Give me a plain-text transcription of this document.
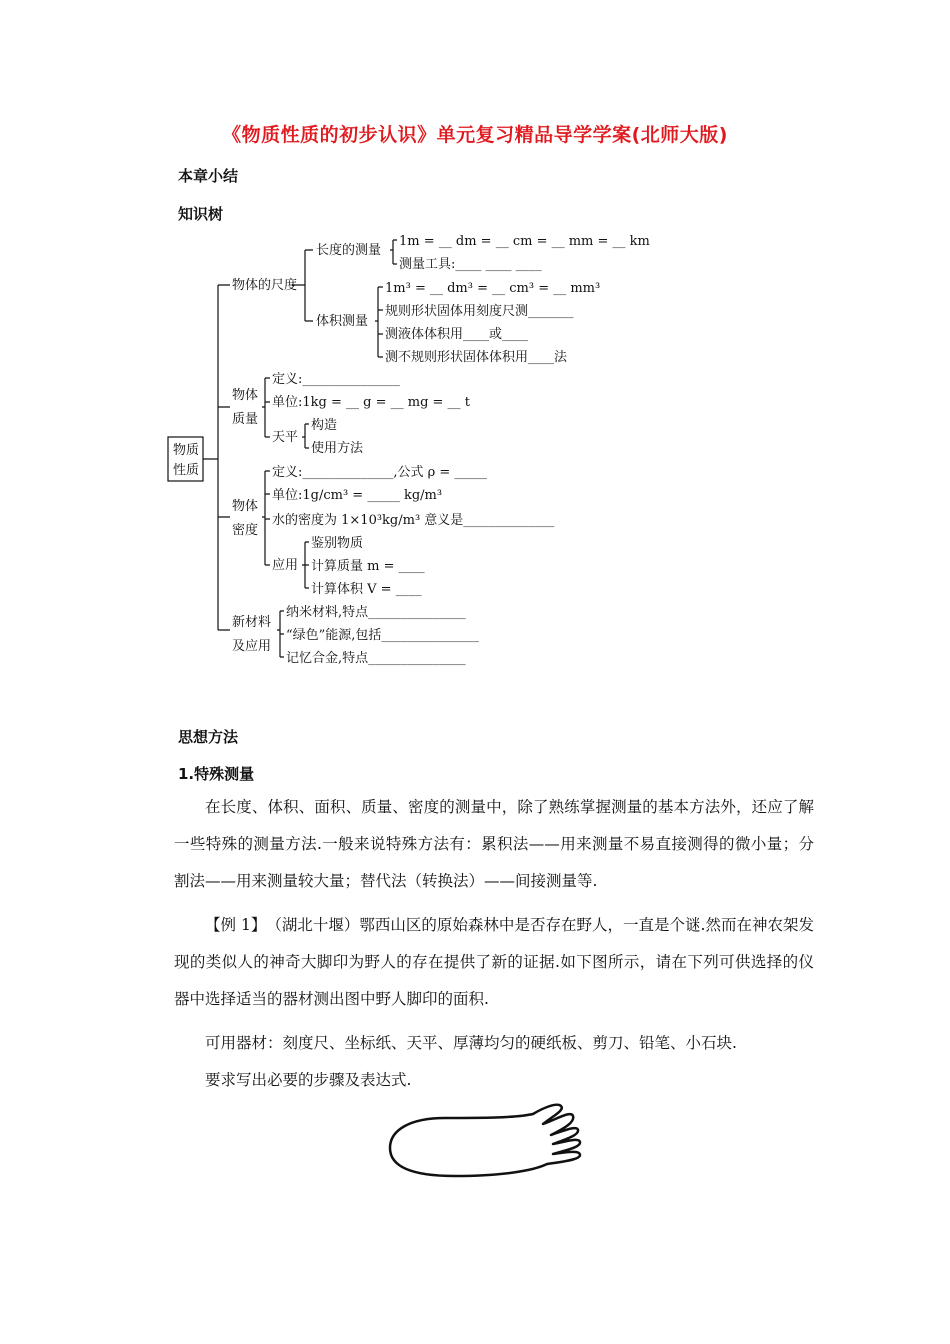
《物质性质的初步认识》单元复习精品导学学案(北师大版)
本章小结
知识树
物质
性质
物体的尺度
长度的测量
1m = __ dm = __ cm = __ mm = __ km
测量工具:____ ____ ____
体积测量
1m³ = __ dm³ = __ cm³ = __ mm³
规则形状固体用刻度尺测_______
测液体体积用____或____
测不规则形状固体体积用____法
物体
质量
定义:_______________
单位:1kg = __ g = __ mg = __ t
天平
构造
使用方法
物体
密度
定义:______________,公式 ρ = _____
单位:1g/cm³ = _____ kg/m³
水的密度为 1×10³kg/m³ 意义是______________
应用
鉴别物质
计算质量 m = ____
计算体积 V = ____
新材料
及应用
纳米材料,特点_______________
“绿色”能源,包括_______________
记忆合金,特点_______________
思想方法
1.特殊测量

在长度、体积、面积、质量、密度的测量中，除了熟练掌握测量的基本方法外，还应了解一些特殊的测量方法.一般来说特殊方法有：累积法——用来测量不易直接测得的微小量；分割法——用来测量较大量；替代法（转换法）——间接测量等.

【例 1】　（湖北十堰）鄂西山区的原始森林中是否存在野人，一直是个谜.然而在神农架发现的类似人的神奇大脚印为野人的存在提供了新的证据.如下图所示，请在下列可供选择的仪器中选择适当的器材测出图中野人脚印的面积.

可用器材：刻度尺、坐标纸、天平、厚薄均匀的硬纸板、剪刀、铅笔、小石块.
要求写出必要的步骤及表达式.
